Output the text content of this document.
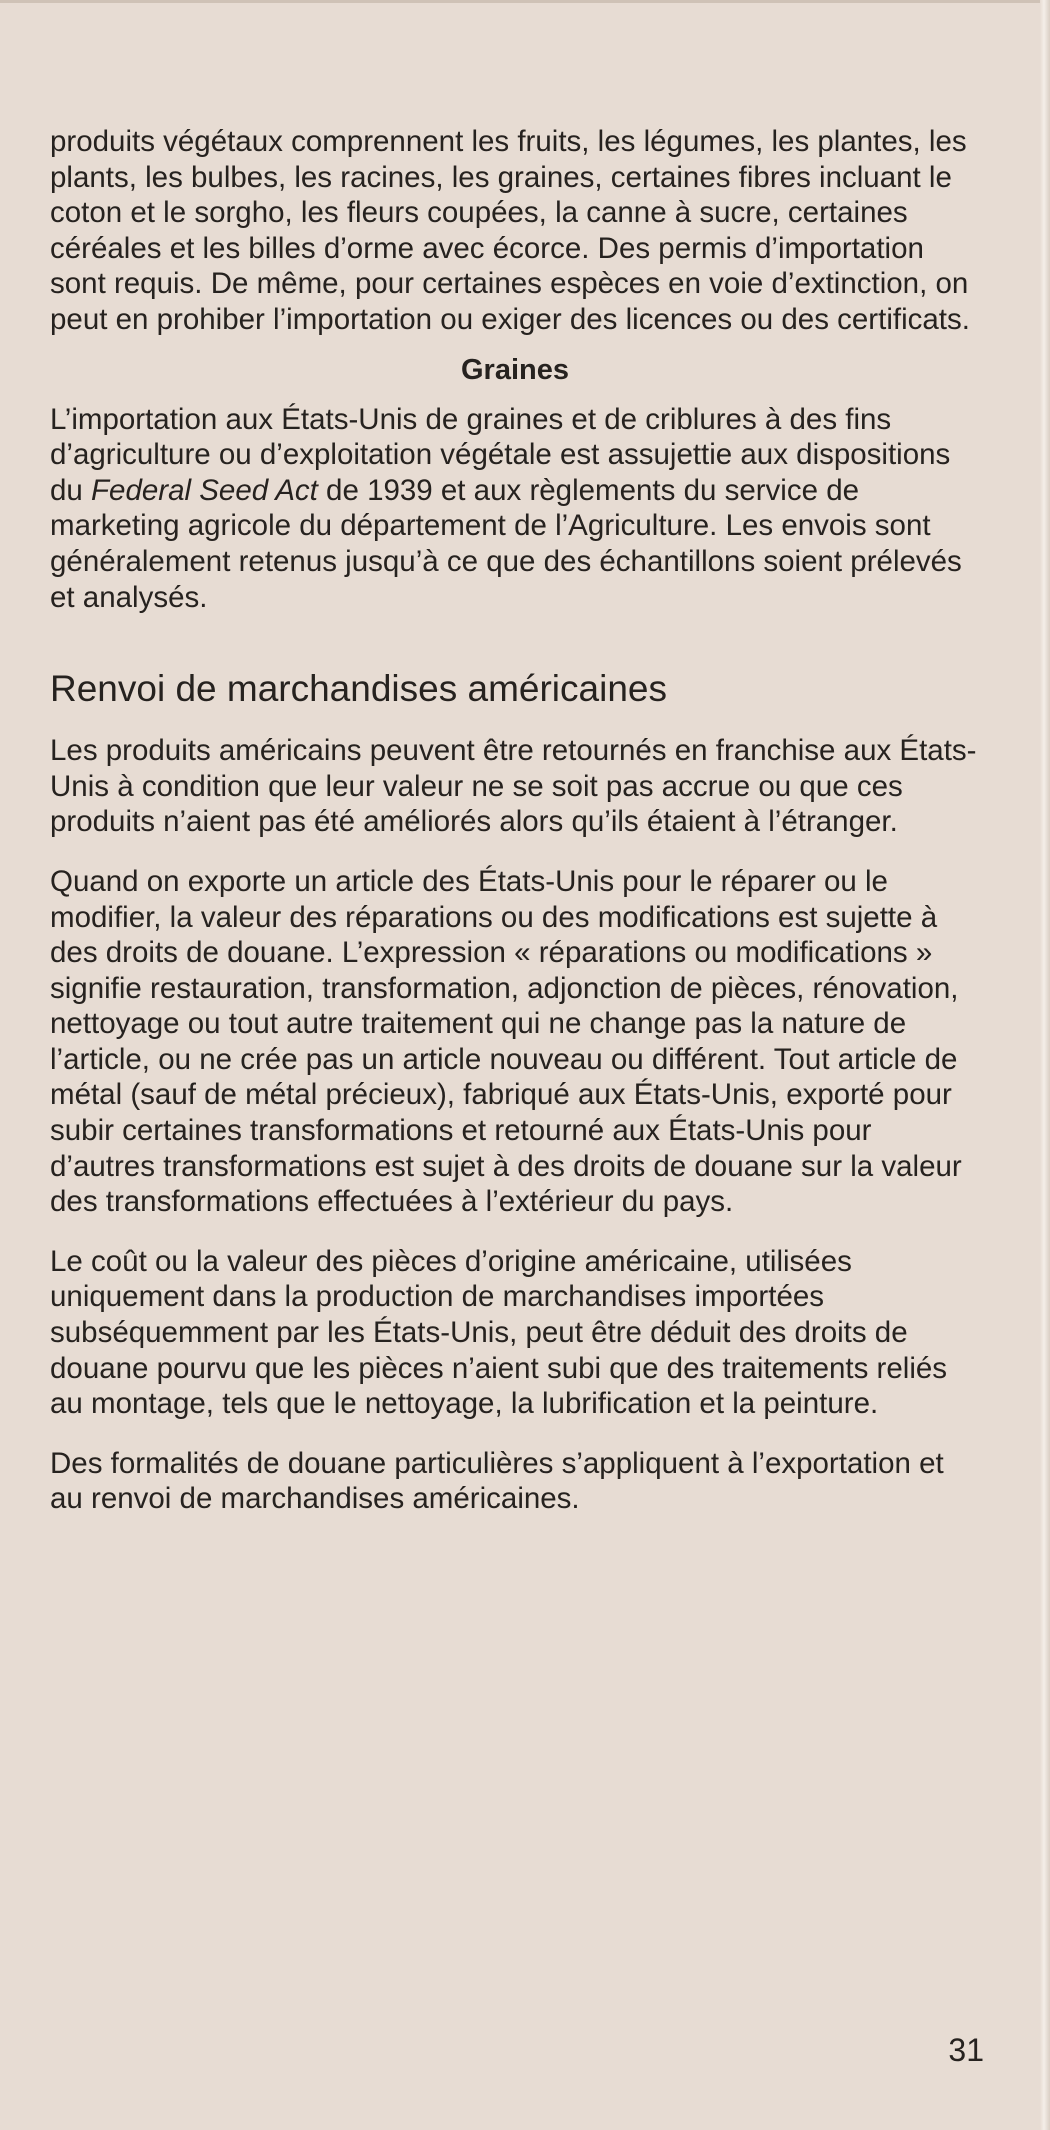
produits végétaux comprennent les fruits, les légumes, les plantes, les plants, les bulbes, les racines, les graines, certaines fibres incluant le coton et le sorgho, les fleurs coupées, la canne à sucre, certaines céréales et les billes d’orme avec écorce. Des permis d’importation sont requis. De même, pour certaines espèces en voie d’extinction, on peut en prohiber l’importation ou exiger des licences ou des certificats.

Graines

L’importation aux États-Unis de graines et de criblures à des fins d’agriculture ou d’exploitation végétale est assujettie aux dispositions du Federal Seed Act de 1939 et aux règlements du service de marketing agricole du département de l’Agriculture. Les envois sont généralement retenus jusqu’à ce que des échantillons soient prélevés et analysés.

Renvoi de marchandises américaines

Les produits américains peuvent être retournés en franchise aux États-Unis à condition que leur valeur ne se soit pas accrue ou que ces produits n’aient pas été améliorés alors qu’ils étaient à l’étranger.

Quand on exporte un article des États-Unis pour le réparer ou le modifier, la valeur des réparations ou des modifications est sujette à des droits de douane. L’expression « réparations ou modifications » signifie restauration, transformation, adjonction de pièces, rénovation, nettoyage ou tout autre traitement qui ne change pas la nature de l’article, ou ne crée pas un article nouveau ou différent. Tout article de métal (sauf de métal précieux), fabriqué aux États-Unis, exporté pour subir certaines transformations et retourné aux États-Unis pour d’autres transformations est sujet à des droits de douane sur la valeur des transformations effectuées à l’extérieur du pays.

Le coût ou la valeur des pièces d’origine américaine, utilisées uniquement dans la production de marchandises importées subséquemment par les États-Unis, peut être déduit des droits de douane pourvu que les pièces n’aient subi que des traitements reliés au montage, tels que le nettoyage, la lubrification et la peinture.

Des formalités de douane particulières s’appliquent à l’exportation et au renvoi de marchandises américaines.

31
